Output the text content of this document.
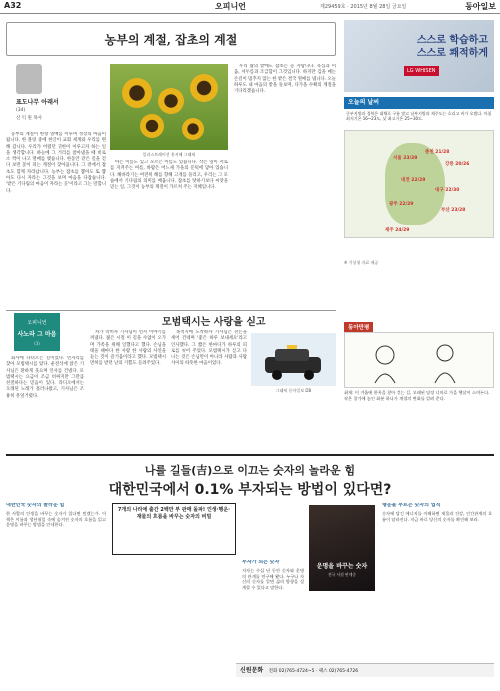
A32	오피니언	제29459호 · 2015년 8월 28일 금요일	동아일보
농부의 계절, 잡초의 계절
표도나무 아래서
(34)
신 익 원 목사

농부의 계절이 한창 열매를 이루며 성장의 마음이 됩니다. 한 볼링 중에 한글이 교회 세계와 우리를 변해 갑니다. 우리가 어렸던 귀한이 이루고자 하는 일을 생각합니다. 하늘에 그 거리를 참아냈을 때 비로소 싹이 나고 열매를 맺습니다. 한동안 같은 길을 걷다 보면 꽃이 피는 계절이 찾아옵니다. 그 곁에서 잡초도 함께 자라납니다. 농부는 잡초를 뽑아도 또 뽑아도 다시 자라는 그것을 보며 마음을 다잡습니다. '밭은 기다림의 마음이 자라는 곳'이라고 그는 말합니다.

일러스트레이션 홍지혜 그래픽

아는 이름도 있고 모르는 이름도 있습니다. 작은 잎이 서로를 지켜주는 여름, 바람은 어느새 가을의 문턱에 닿아 있습니다. 해바라기는 여전히 해를 향해 고개를 돌리고, 우리는 그 모습에서 기다림의 의미를 배웁니다. 잡초를 탓하기보다 씨앗을 믿는 일, 그것이 농부의 계절이 가르쳐 주는 지혜입니다.

우리 삶의 밭에도 잡초는 늘 자랍니다. 욕심과 미움, 서두름과 조급함이 그것입니다. 하지만 김을 매는 손길이 멈추지 않는 한 밭은 결국 열매를 냅니다. 오늘 하루도 내 마음의 밭을 돌보며, 다가올 수확의 계절을 기다리겠습니다.

오피니언
사노라 그 마음
(3)
모범택시는 사랑을 싣고

회사에 다녀오는 길이었다. 빈자리를 찾아 모범택시를 탔다. 운전석에 앉은 기사님은 환하게 웃으며 인사를 건넸다. 모범택시는 요금이 조금 비싸지만 그만큼 친절하다는 믿음이 있다. 라디오에서는 오래된 노래가 흘러나왔고, 기사님은 조용히 흥얼거렸다.

차가 막히자 기사님이 먼저 이야기를 꺼냈다. 젊은 시절 이 길을 수없이 오가며 가족을 위해 일했다고 했다. 손님을 태울 때마다 한 사람 한 사람의 사연을 듣는 것이 즐거움이라고 했다. 모범택시 면허를 받던 날의 기쁨도 들려주었다.

목적지에 도착하자 기사님은 잔돈을 세어 건네며 '좋은 하루 보내세요'라고 인사했다. 그 짧은 한마디가 하루의 피로를 씻어 주었다. 모범택시가 싣고 다니는 것은 손님만이 아니라 사람과 사람 사이의 따뜻한 마음이었다.

그래픽 동아일보 DB
스스로 학습하고
스스로 쾌적하게
LG WHISEN
오늘의 날씨
중부지방과 경북은 대체로 구름 많고 남부지방과 제주도는 흐리고 비가 오겠다. 아침 최저기온 16~23도, 낮 최고기온 25~30도.
서울 23/29
춘천 21/28
강릉 20/26
대전 22/29
대구 22/30
광주 22/29
부산 23/28
제주 24/29
※ 기상청 자료 제공
동아만평
취재: 이 겨울에 한옥을 찾아 걷는 길, 오래된 담장 너머로 가을 햇살이 스며든다. 작은 창가에 놓인 화분 하나가 계절의 변화를 알려 준다.
나를 길들(吉)으로 이끄는 숫자의 놀라운 힘
대한민국에서 0.1% 부자되는 방법이 있다면?
대한민국 숫자의 놀라운 힘

한 사람의 인생을 바꾸는 숫자가 있다면 믿겠는가. 이 책은 이름과 생년월일 속에 숨겨진 숫자의 흐름을 읽고 운명을 바꾸는 방법을 안내한다.

7개의 나라에 출간 2백만 부 판매 돌파! 인생·행운·재물의 흐름을 바꾸는 숫자의 비밀
부자가 되는 숫자

저자는 수십 년 동안 숫자와 운명의 관계를 연구해 왔다. 누구나 자신의 숫자를 알면 삶의 방향을 설계할 수 있다고 말한다.

운명을 바꾸는 숫자
전국 서점 판매중
행운을 부르는 숫자의 법칙

숫자에 담긴 에너지를 이해하면 재물과 건강, 인간관계의 흐름이 달라진다. 지금 바로 당신의 숫자를 확인해 보라.

신원문화 전화 02)765-4724~5 · 팩스 02)765-4726
